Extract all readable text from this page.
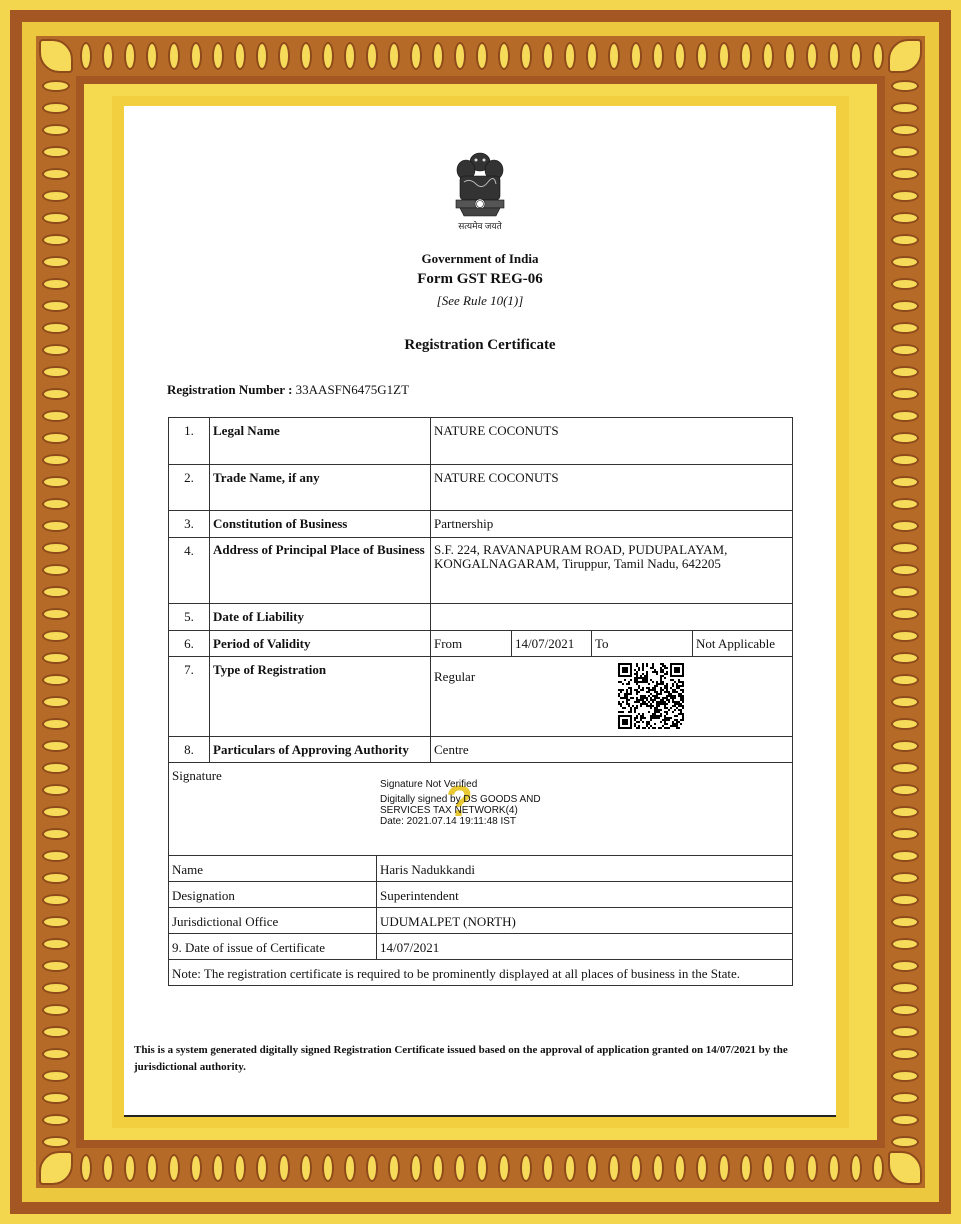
सत्यमेव जयते
Government of India
Form GST REG-06
[See Rule 10(1)]
Registration Certificate
Registration Number : 33AASFN6475G1ZT
1.	Legal Name	NATURE COCONUTS			
2.	Trade Name, if any	NATURE COCONUTS			
3.	Constitution of Business	Partnership			
4.	Address of Principal Place of Business	S.F. 224, RAVANAPURAM ROAD, PUDUPALAYAM, KONGALNAGARAM, Tiruppur, Tamil Nadu, 642205			
5.	Date of Liability				
6.	Period of Validity	From	14/07/2021	To	Not Applicable
7.	Type of Registration	Regular			
8.	Particulars of Approving Authority	Centre			
Signature					
?
Signature Not Verified
Digitally signed by DS GOODS AND
SERVICES TAX NETWORK(4)
Date: 2021.07.14 19:11:48 IST
Name	Haris Nadukkandi
Designation	Superintendent
Jurisdictional Office	UDUMALPET (NORTH)
9. Date of issue of Certificate	14/07/2021
Note: The registration certificate is required to be prominently displayed at all places of business in the State.	
This is a system generated digitally signed Registration Certificate issued based on the approval of application granted on 14/07/2021 by the jurisdictional authority.
